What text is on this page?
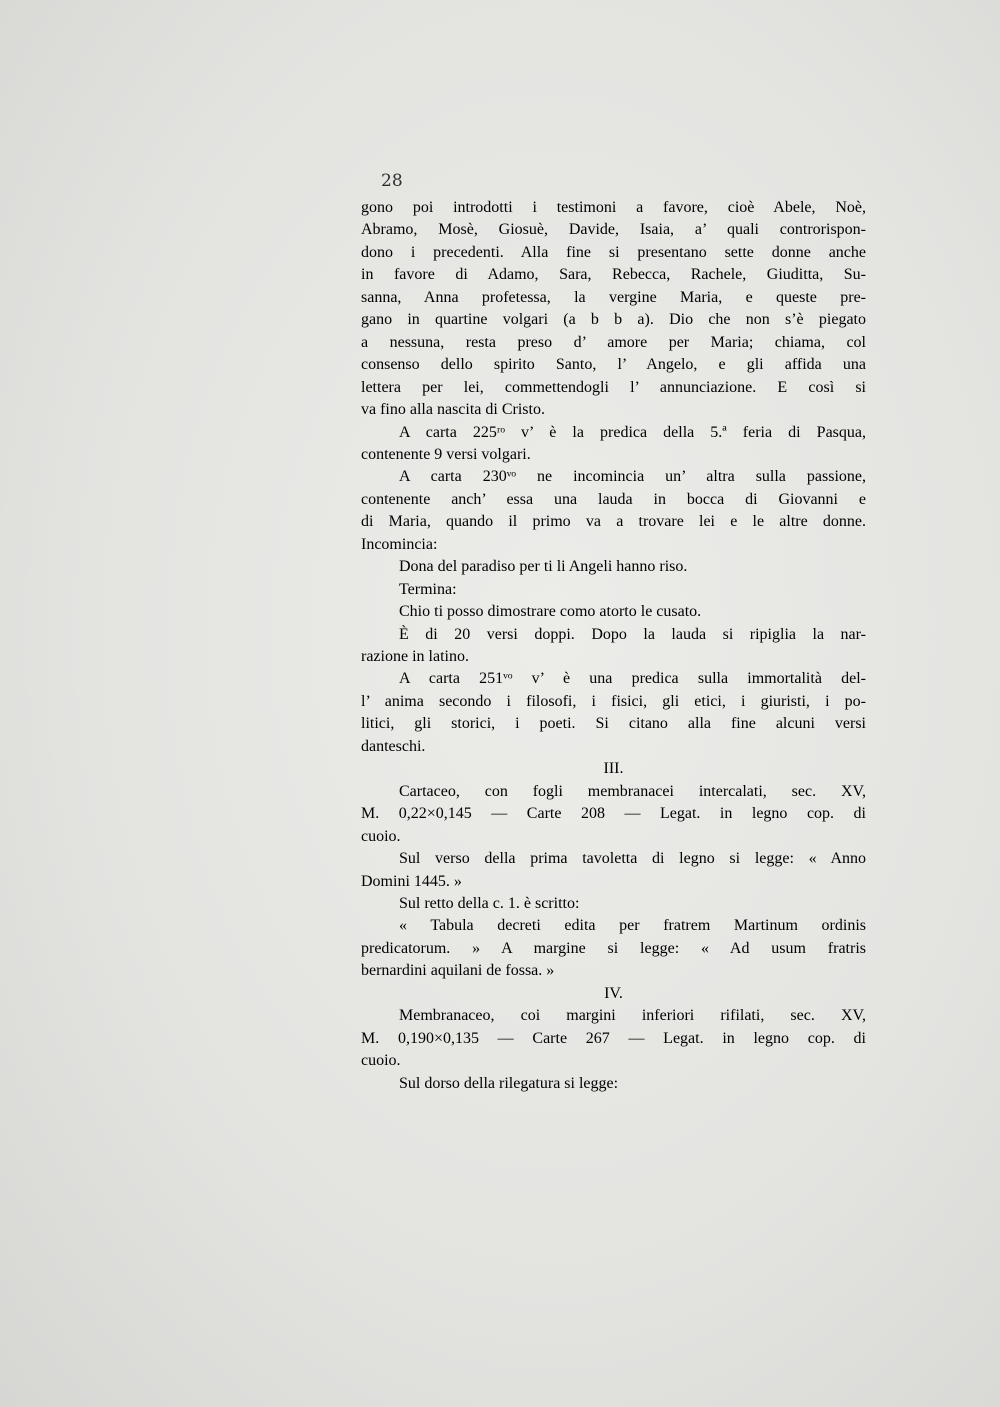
28
gono poi introdotti i testimoni a favore, cioè Abele, Noè,
Abramo, Mosè, Giosuè, Davide, Isaia, a’ quali controrispon-
dono i precedenti. Alla fine si presentano sette donne anche
in favore di Adamo, Sara, Rebecca, Rachele, Giuditta, Su-
sanna, Anna profetessa, la vergine Maria, e queste pre-
gano in quartine volgari (a b b a). Dio che non s’è piegato
a nessuna, resta preso d’ amore per Maria; chiama, col
consenso dello spirito Santo, l’ Angelo, e gli affida una
lettera per lei, commettendogli l’ annunciazione. E così si
va fino alla nascita di Cristo.
A carta 225ʳᵒ v’ è la predica della 5.ª feria di Pasqua,
contenente 9 versi volgari.
A carta 230ᵛᵒ ne incomincia un’ altra sulla passione,
contenente anch’ essa una lauda in bocca di Giovanni e
di Maria, quando il primo va a trovare lei e le altre donne.
Incomincia:
Dona del paradiso per ti li Angeli hanno riso.
Termina:
Chio ti posso dimostrare como atorto le cusato.
È di 20 versi doppi. Dopo la lauda si ripiglia la nar-
razione in latino.
A carta 251ᵛᵒ v’ è una predica sulla immortalità del-
l’ anima secondo i filosofi, i fisici, gli etici, i giuristi, i po-
litici, gli storici, i poeti. Si citano alla fine alcuni versi
danteschi.
III.
Cartaceo, con fogli membranacei intercalati, sec. XV,
M. 0,22×0,145 — Carte 208 — Legat. in legno cop. di
cuoio.
Sul verso della prima tavoletta di legno si legge: « Anno
Domini 1445. »
Sul retto della c. 1. è scritto:
« Tabula decreti edita per fratrem Martinum ordinis
predicatorum. » A margine si legge: « Ad usum fratris
bernardini aquilani de fossa. »
IV.
Membranaceo, coi margini inferiori rifilati, sec. XV,
M. 0,190×0,135 — Carte 267 — Legat. in legno cop. di
cuoio.
Sul dorso della rilegatura si legge:
